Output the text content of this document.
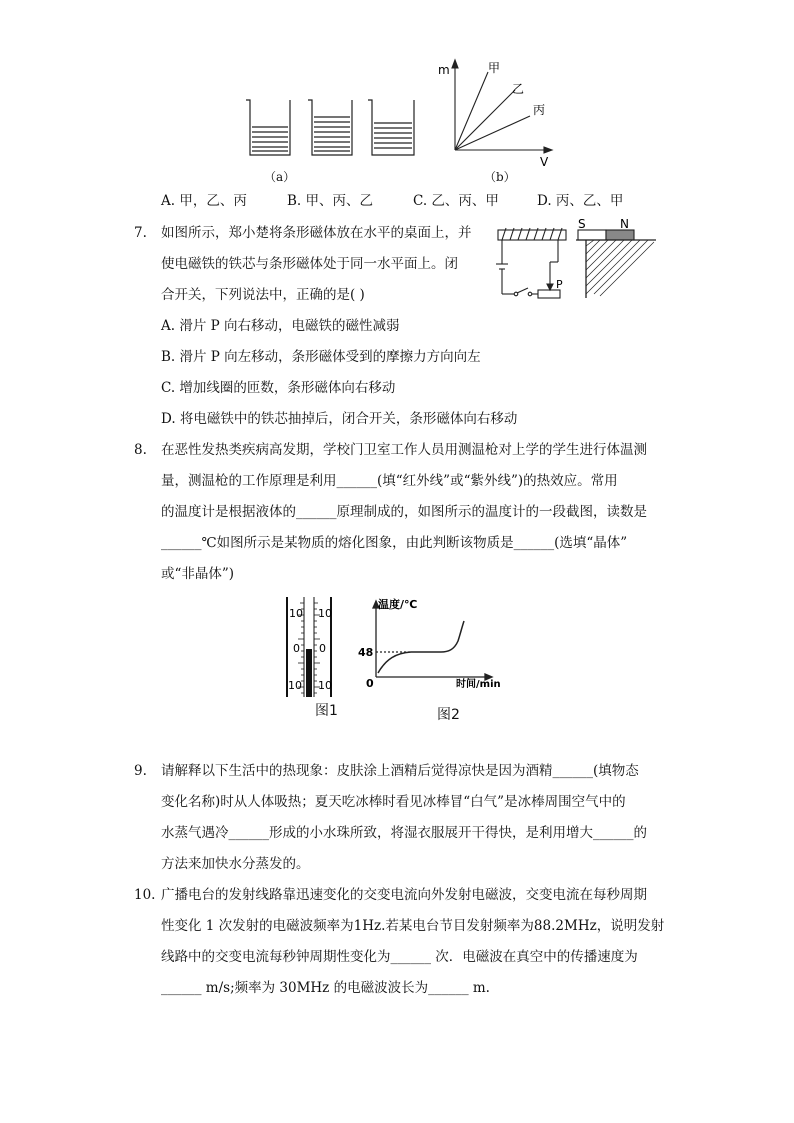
（a）
m
V
甲
乙
丙
（b）
A. 甲，乙、丙	B. 甲、丙、乙	C. 乙、丙、甲	D. 丙、乙、甲
7. 如图所示，郑小楚将条形磁体放在水平的桌面上，并
使电磁铁的铁芯与条形磁体处于同一水平面上。闭
合开关，下列说法中，正确的是( )
S	N
P
A. 滑片 P 向右移动，电磁铁的磁性减弱
B. 滑片 P 向左移动，条形磁体受到的摩擦力方向向左
C. 增加线圈的匝数，条形磁体向右移动
D. 将电磁铁中的铁芯抽掉后，闭合开关，条形磁体向右移动
8. 在恶性发热类疾病高发期，学校门卫室工作人员用测温枪对上学的学生进行体温测
量，测温枪的工作原理是利用______(填“红外线”或“紫外线”)的热效应。常用
的温度计是根据液体的______原理制成的，如图所示的温度计的一段截图，读数是
______℃如图所示是某物质的熔化图象，由此判断该物质是______(选填“晶体”
或“非晶体”)
10 10
0 0
10 10
图1
温度/℃
48
0	时间/min
图2
9. 请解释以下生活中的热现象：皮肤涂上酒精后觉得凉快是因为酒精______(填物态
变化名称)时从人体吸热；夏天吃冰棒时看见冰棒冒“白气”是冰棒周围空气中的
水蒸气遇冷______形成的小水珠所致，将湿衣服展开干得快，是利用增大______的
方法来加快水分蒸发的。
10. 广播电台的发射线路靠迅速变化的交变电流向外发射电磁波，交变电流在每秒周期
性变化 1 次发射的电磁波频率为1Hz.若某电台节目发射频率为88.2MHz，说明发射
线路中的交变电流每秒钟周期性变化为______ 次．电磁波在真空中的传播速度为
______ m/s;频率为 30MHz 的电磁波波长为______ m.
